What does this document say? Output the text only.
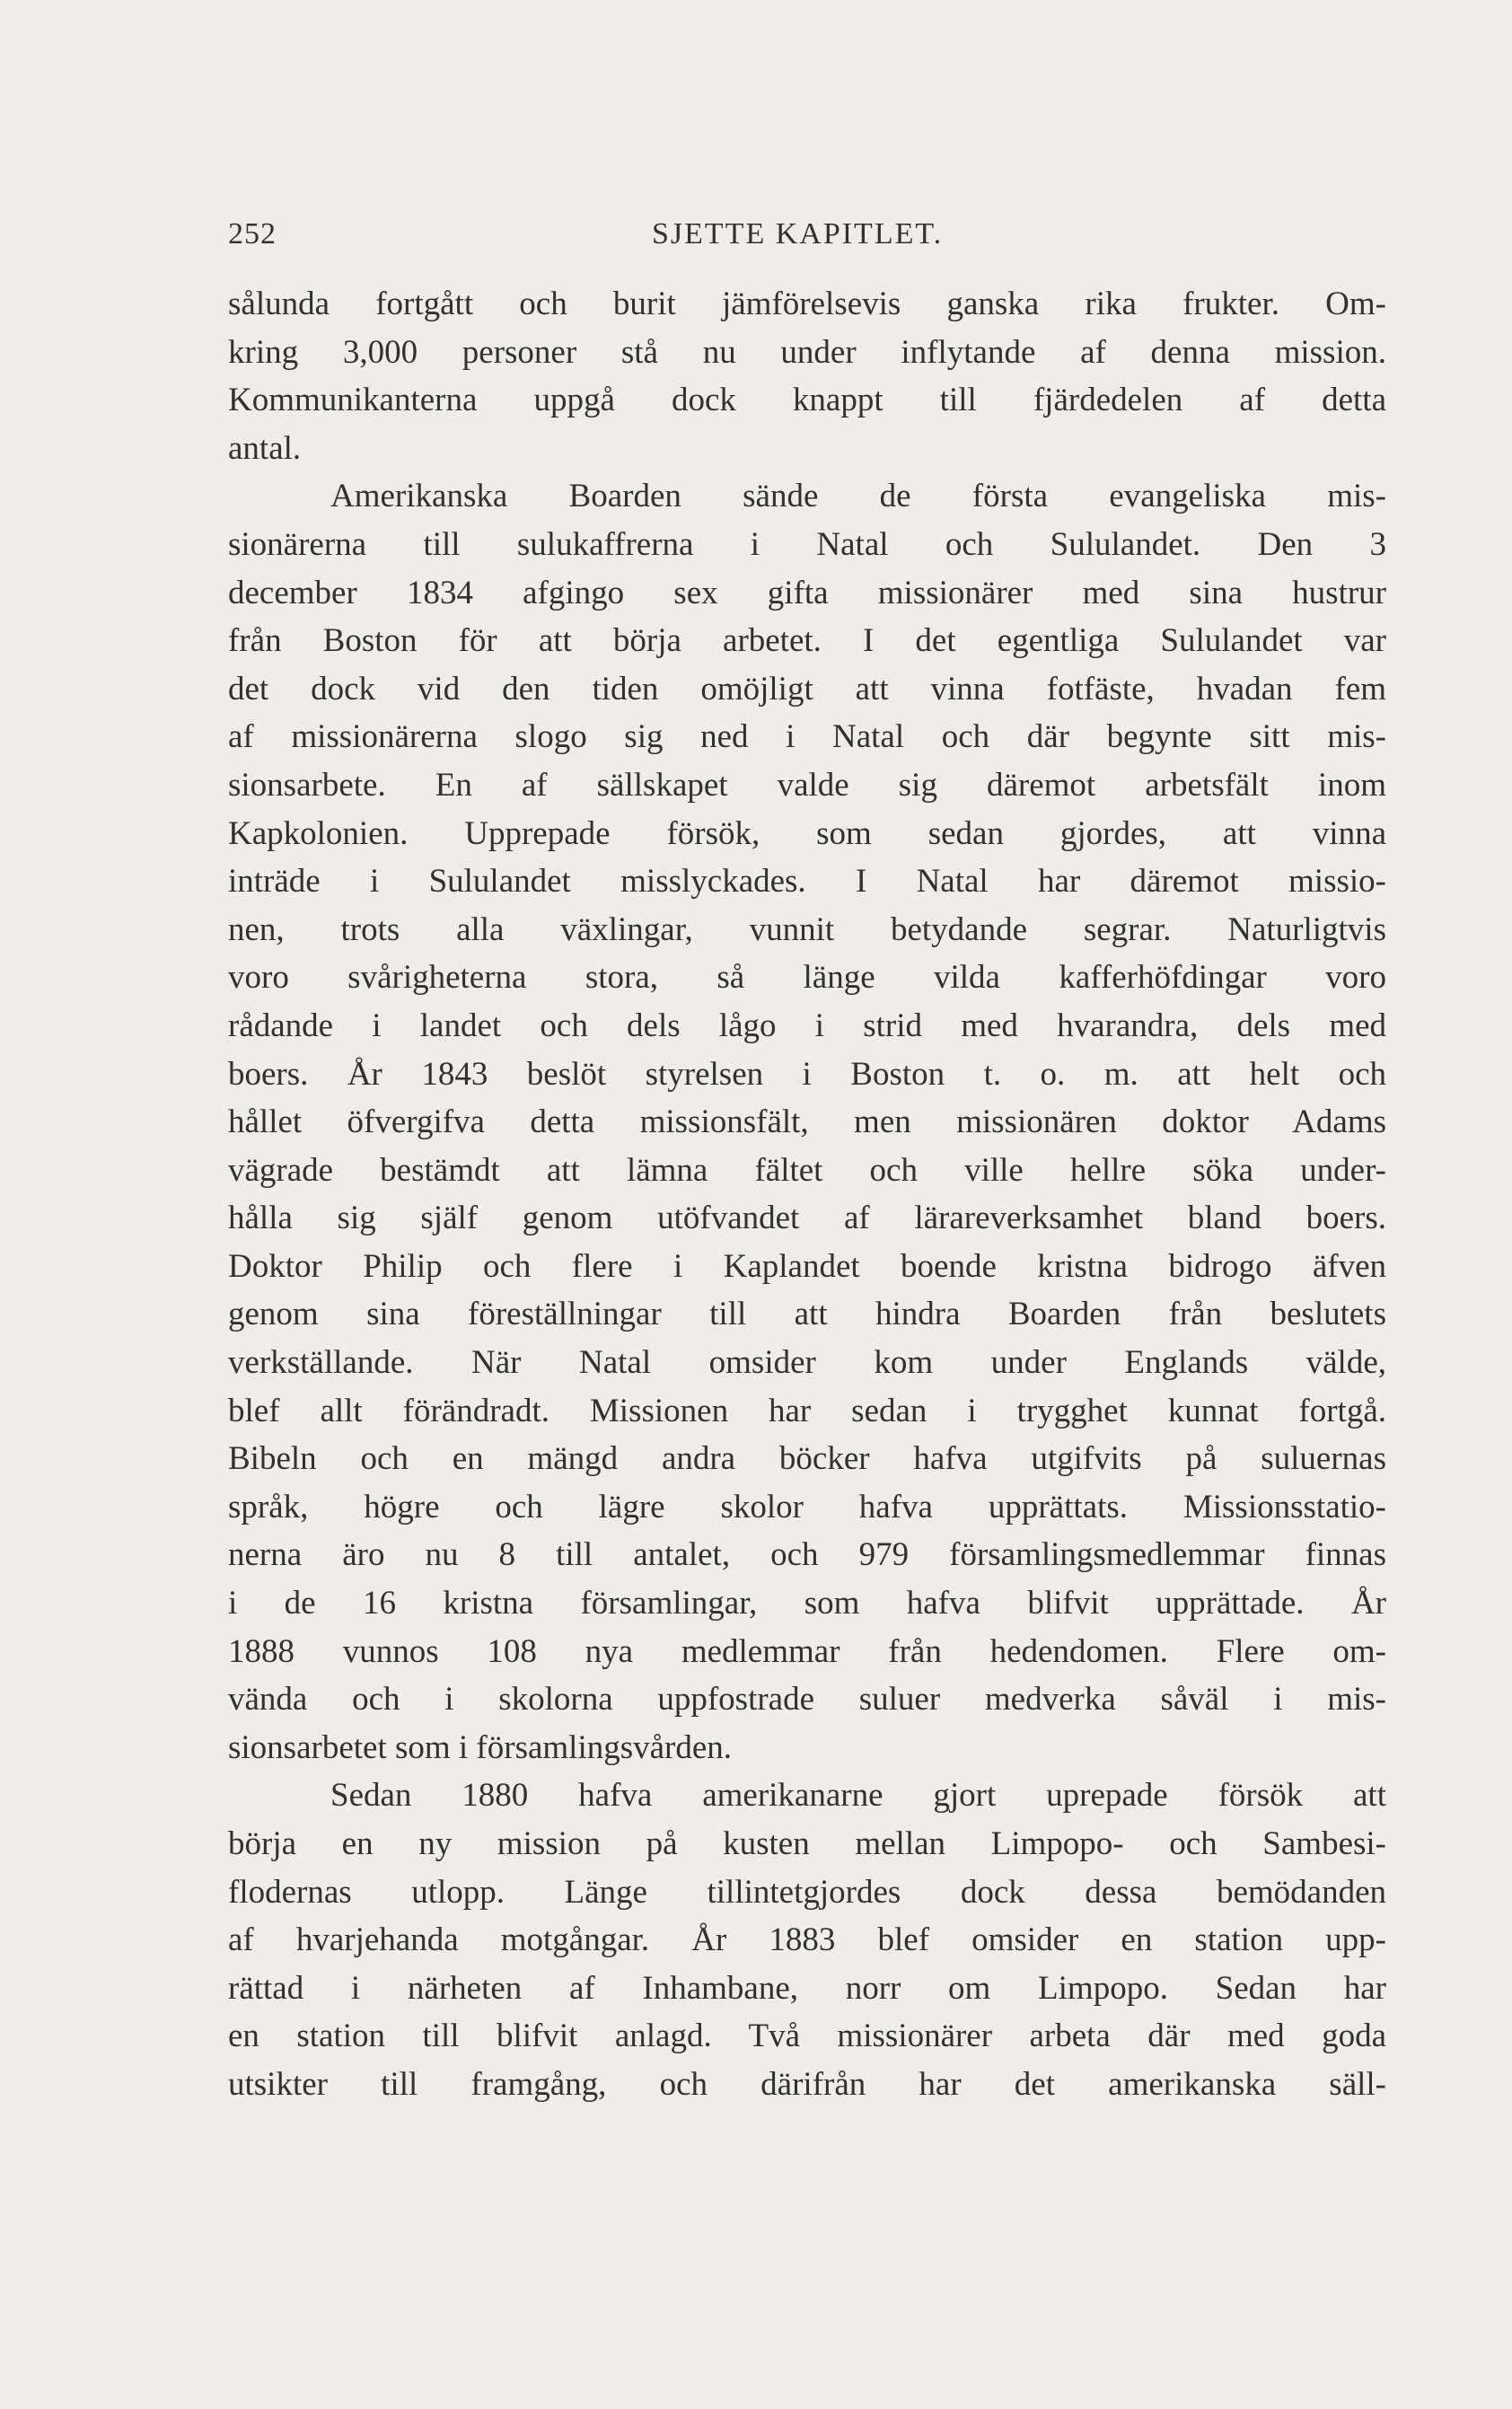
252	SJETTE KAPITLET.
sålunda fortgått och burit jämförelsevis ganska rika frukter. Om-
kring 3,000 personer stå nu under inflytande af denna mission.
Kommunikanterna uppgå dock knappt till fjärdedelen af detta
antal.
Amerikanska Boarden sände de första evangeliska mis-
sionärerna till sulukaffrerna i Natal och Sululandet. Den 3
december 1834 afgingo sex gifta missionärer med sina hustrur
från Boston för att börja arbetet. I det egentliga Sululandet var
det dock vid den tiden omöjligt att vinna fotfäste, hvadan fem
af missionärerna slogo sig ned i Natal och där begynte sitt mis-
sionsarbete. En af sällskapet valde sig däremot arbetsfält inom
Kapkolonien. Upprepade försök, som sedan gjordes, att vinna
inträde i Sululandet misslyckades. I Natal har däremot missio-
nen, trots alla växlingar, vunnit betydande segrar. Naturligtvis
voro svårigheterna stora, så länge vilda kafferhöfdingar voro
rådande i landet och dels lågo i strid med hvarandra, dels med
boers. År 1843 beslöt styrelsen i Boston t. o. m. att helt och
hållet öfvergifva detta missionsfält, men missionären doktor Adams
vägrade bestämdt att lämna fältet och ville hellre söka under-
hålla sig själf genom utöfvandet af lärareverksamhet bland boers.
Doktor Philip och flere i Kaplandet boende kristna bidrogo äfven
genom sina föreställningar till att hindra Boarden från beslutets
verkställande. När Natal omsider kom under Englands välde,
blef allt förändradt. Missionen har sedan i trygghet kunnat fortgå.
Bibeln och en mängd andra böcker hafva utgifvits på suluernas
språk, högre och lägre skolor hafva upprättats. Missionsstatio-
nerna äro nu 8 till antalet, och 979 församlingsmedlemmar finnas
i de 16 kristna församlingar, som hafva blifvit upprättade. År
1888 vunnos 108 nya medlemmar från hedendomen. Flere om-
vända och i skolorna uppfostrade suluer medverka såväl i mis-
sionsarbetet som i församlingsvården.
Sedan 1880 hafva amerikanarne gjort uprepade försök att
börja en ny mission på kusten mellan Limpopo- och Sambesi-
flodernas utlopp. Länge tillintetgjordes dock dessa bemödanden
af hvarjehanda motgångar. År 1883 blef omsider en station upp-
rättad i närheten af Inhambane, norr om Limpopo. Sedan har
en station till blifvit anlagd. Två missionärer arbeta där med goda
utsikter till framgång, och därifrån har det amerikanska säll-
